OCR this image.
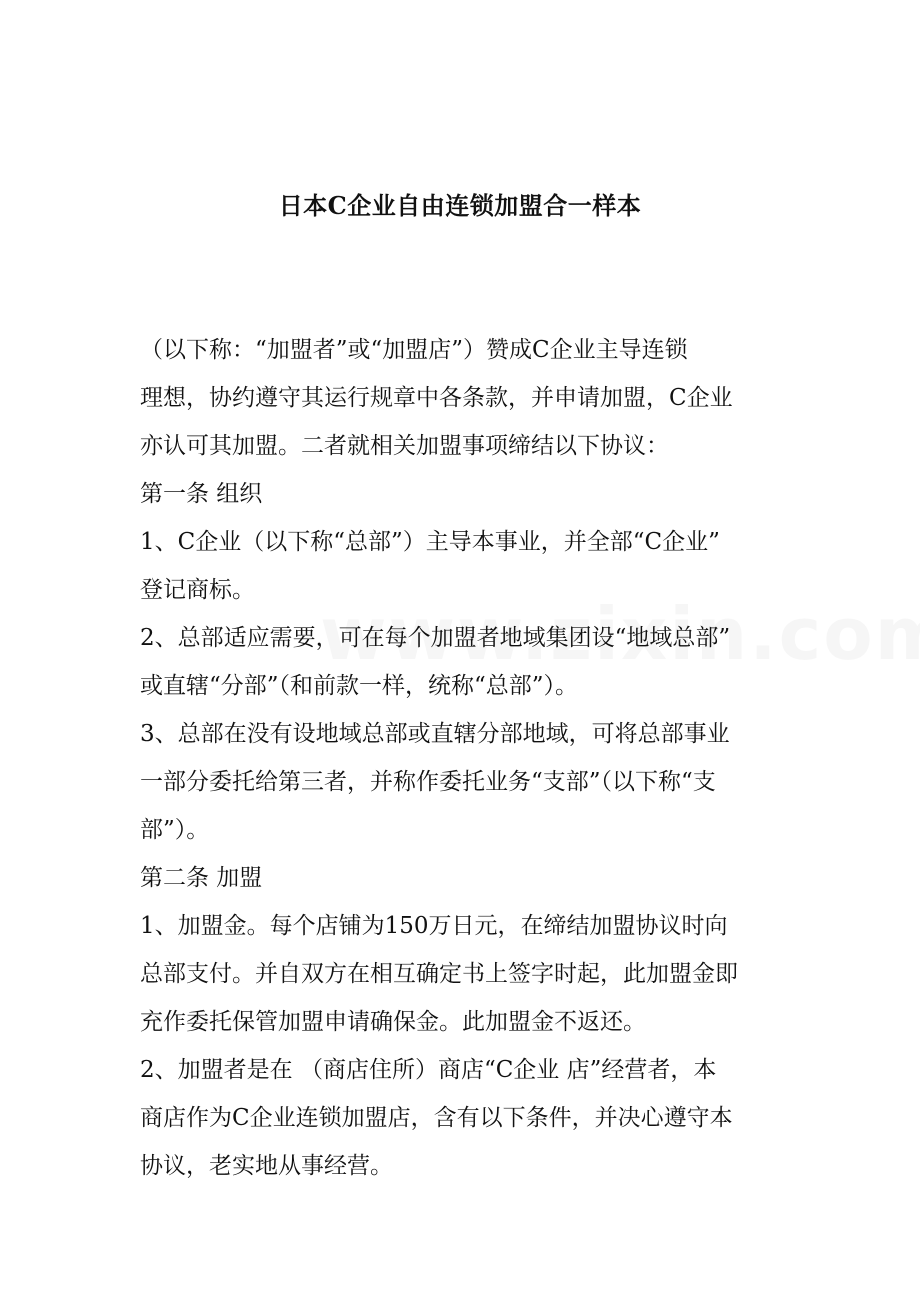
日本C企业自由连锁加盟合一样本
（以下称：“加盟者”或“加盟店”）赞成C企业主导连锁
理想，协约遵守其运行规章中各条款，并申请加盟，C企业
亦认可其加盟。二者就相关加盟事项缔结以下协议：
第一条 组织
1、C企业（以下称“总部”）主导本事业，并全部“C企业”
登记商标。
2、总部适应需要，可在每个加盟者地域集团设“地域总部”
或直辖“分部”（和前款一样，统称“总部”）。
3、总部在没有设地域总部或直辖分部地域，可将总部事业
一部分委托给第三者，并称作委托业务“支部”（以下称“支
部”）。
第二条 加盟
1、加盟金。每个店铺为150万日元，在缔结加盟协议时向
总部支付。并自双方在相互确定书上签字时起，此加盟金即
充作委托保管加盟申请确保金。此加盟金不返还。
2、加盟者是在 （商店住所）商店“C企业 店”经营者，本
商店作为C企业连锁加盟店，含有以下条件，并决心遵守本
协议，老实地从事经营。
